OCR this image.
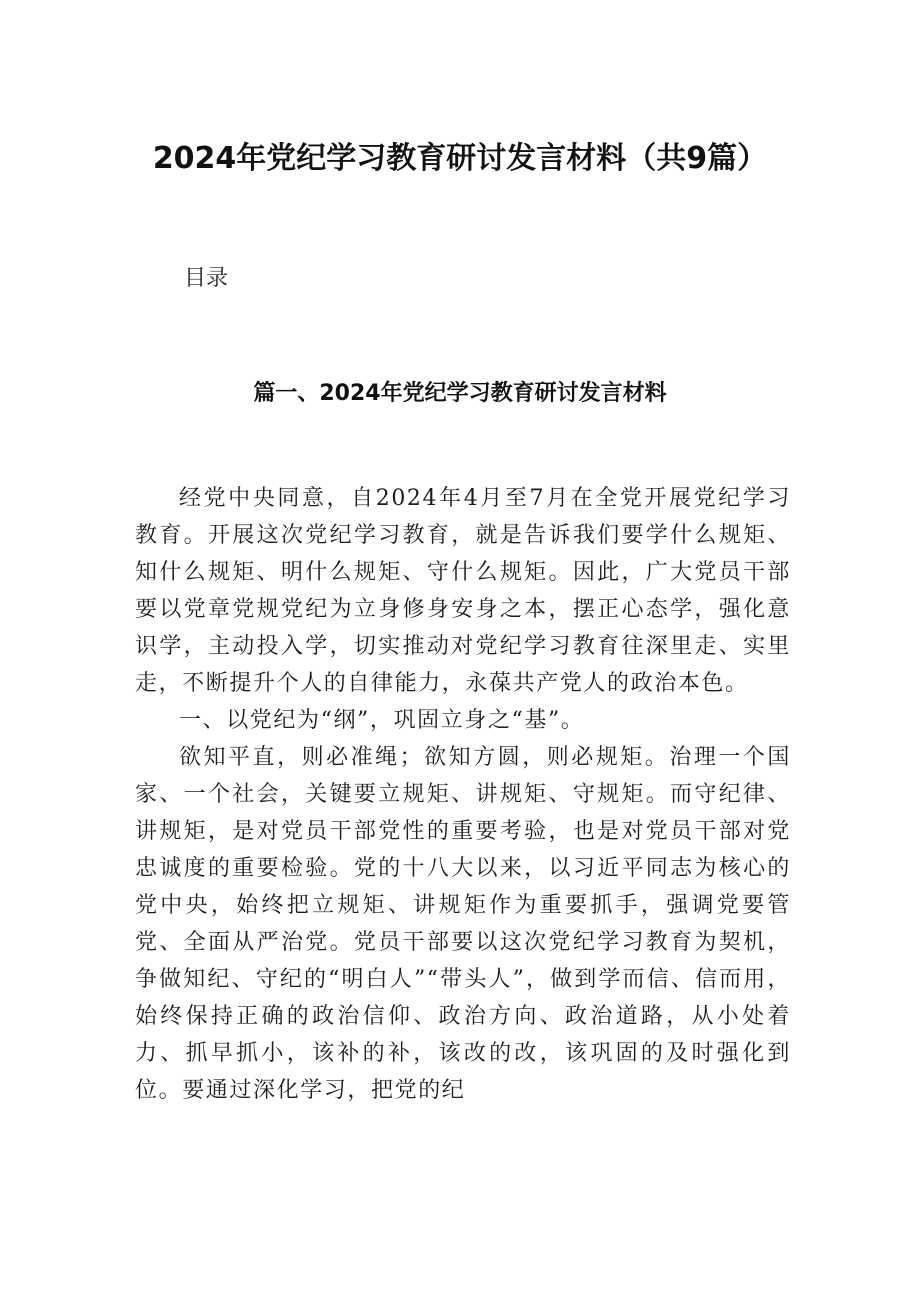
2024年党纪学习教育研讨发言材料（共9篇）
目录
篇一、2024年党纪学习教育研讨发言材料

经党中央同意，自2024年4月至7月在全党开展党纪学习教育。开展这次党纪学习教育，就是告诉我们要学什么规矩、知什么规矩、明什么规矩、守什么规矩。因此，广大党员干部要以党章党规党纪为立身修身安身之本，摆正心态学，强化意识学，主动投入学，切实推动对党纪学习教育往深里走、实里走，不断提升个人的自律能力，永葆共产党人的政治本色。

一、以党纪为“纲”，巩固立身之“基”。

欲知平直，则必准绳；欲知方圆，则必规矩。治理一个国家、一个社会，关键要立规矩、讲规矩、守规矩。而守纪律、讲规矩，是对党员干部党性的重要考验，也是对党员干部对党忠诚度的重要检验。党的十八大以来，以习近平同志为核心的党中央，始终把立规矩、讲规矩作为重要抓手，强调党要管党、全面从严治党。党员干部要以这次党纪学习教育为契机，争做知纪、守纪的“明白人”“带头人”，做到学而信、信而用，始终保持正确的政治信仰、政治方向、政治道路，从小处着力、抓早抓小，该补的补，该改的改，该巩固的及时强化到位。要通过深化学习，把党的纪
